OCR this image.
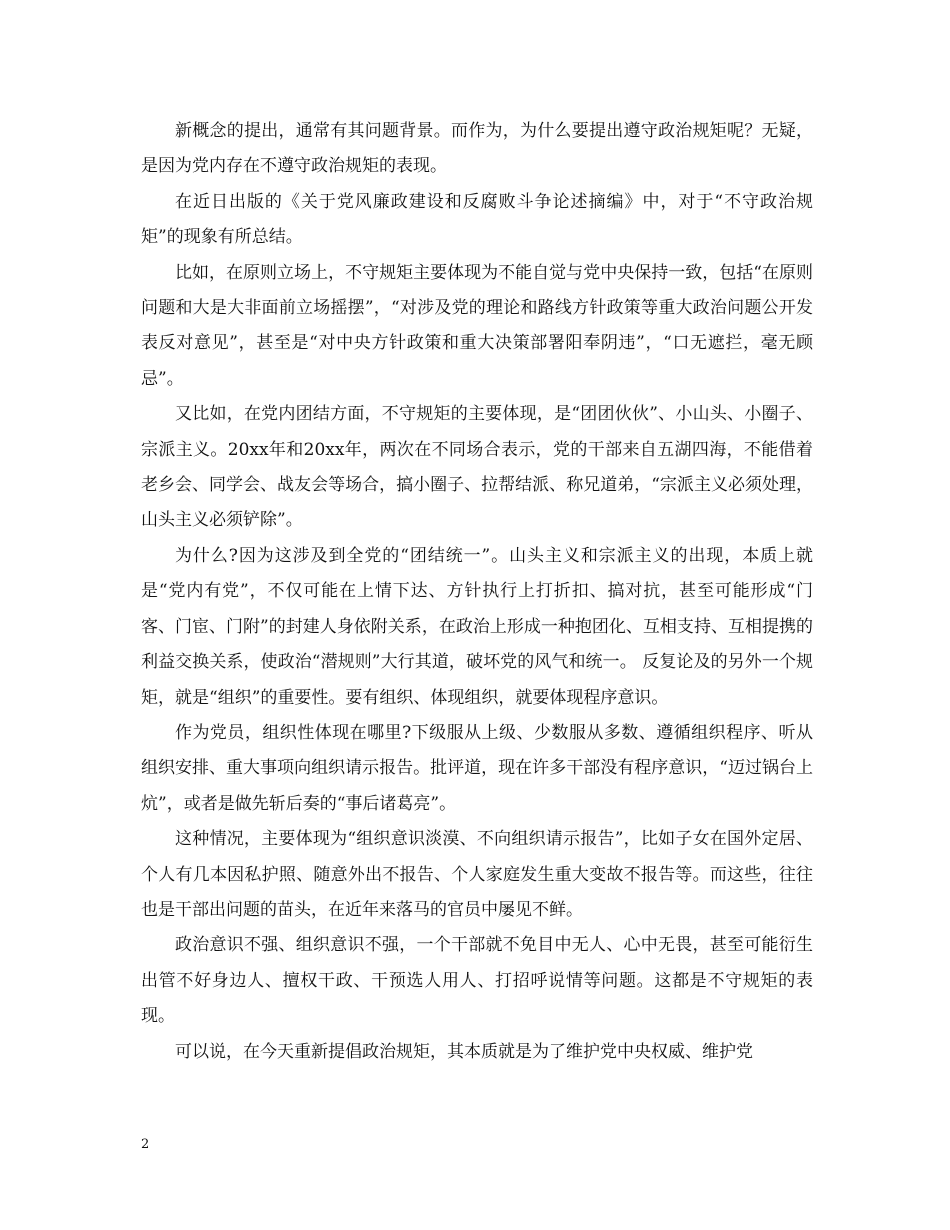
新概念的提出，通常有其问题背景。而作为，为什么要提出遵守政治规矩呢？无疑，是因为党内存在不遵守政治规矩的表现。

在近日出版的《关于党风廉政建设和反腐败斗争论述摘编》中，对于“不守政治规矩”的现象有所总结。

比如，在原则立场上，不守规矩主要体现为不能自觉与党中央保持一致，包括“在原则问题和大是大非面前立场摇摆”，“对涉及党的理论和路线方针政策等重大政治问题公开发表反对意见”，甚至是“对中央方针政策和重大决策部署阳奉阴违”，“口无遮拦，毫无顾忌”。

又比如，在党内团结方面，不守规矩的主要体现，是“团团伙伙”、小山头、小圈子、宗派主义。20xx年和20xx年，两次在不同场合表示，党的干部来自五湖四海，不能借着老乡会、同学会、战友会等场合，搞小圈子、拉帮结派、称兄道弟，“宗派主义必须处理，山头主义必须铲除”。

为什么?因为这涉及到全党的“团结统一”。山头主义和宗派主义的出现，本质上就是“党内有党”，不仅可能在上情下达、方针执行上打折扣、搞对抗，甚至可能形成“门客、门宦、门附”的封建人身依附关系，在政治上形成一种抱团化、互相支持、互相提携的利益交换关系，使政治“潜规则”大行其道，破坏党的风气和统一。 反复论及的另外一个规矩，就是“组织”的重要性。要有组织、体现组织，就要体现程序意识。

作为党员，组织性体现在哪里?下级服从上级、少数服从多数、遵循组织程序、听从组织安排、重大事项向组织请示报告。批评道，现在许多干部没有程序意识，“迈过锅台上炕”，或者是做先斩后奏的“事后诸葛亮”。

这种情况，主要体现为“组织意识淡漠、不向组织请示报告”，比如子女在国外定居、个人有几本因私护照、随意外出不报告、个人家庭发生重大变故不报告等。而这些，往往也是干部出问题的苗头，在近年来落马的官员中屡见不鲜。

政治意识不强、组织意识不强，一个干部就不免目中无人、心中无畏，甚至可能衍生出管不好身边人、擅权干政、干预选人用人、打招呼说情等问题。这都是不守规矩的表现。

可以说，在今天重新提倡政治规矩，其本质就是为了维护党中央权威、维护党

2
